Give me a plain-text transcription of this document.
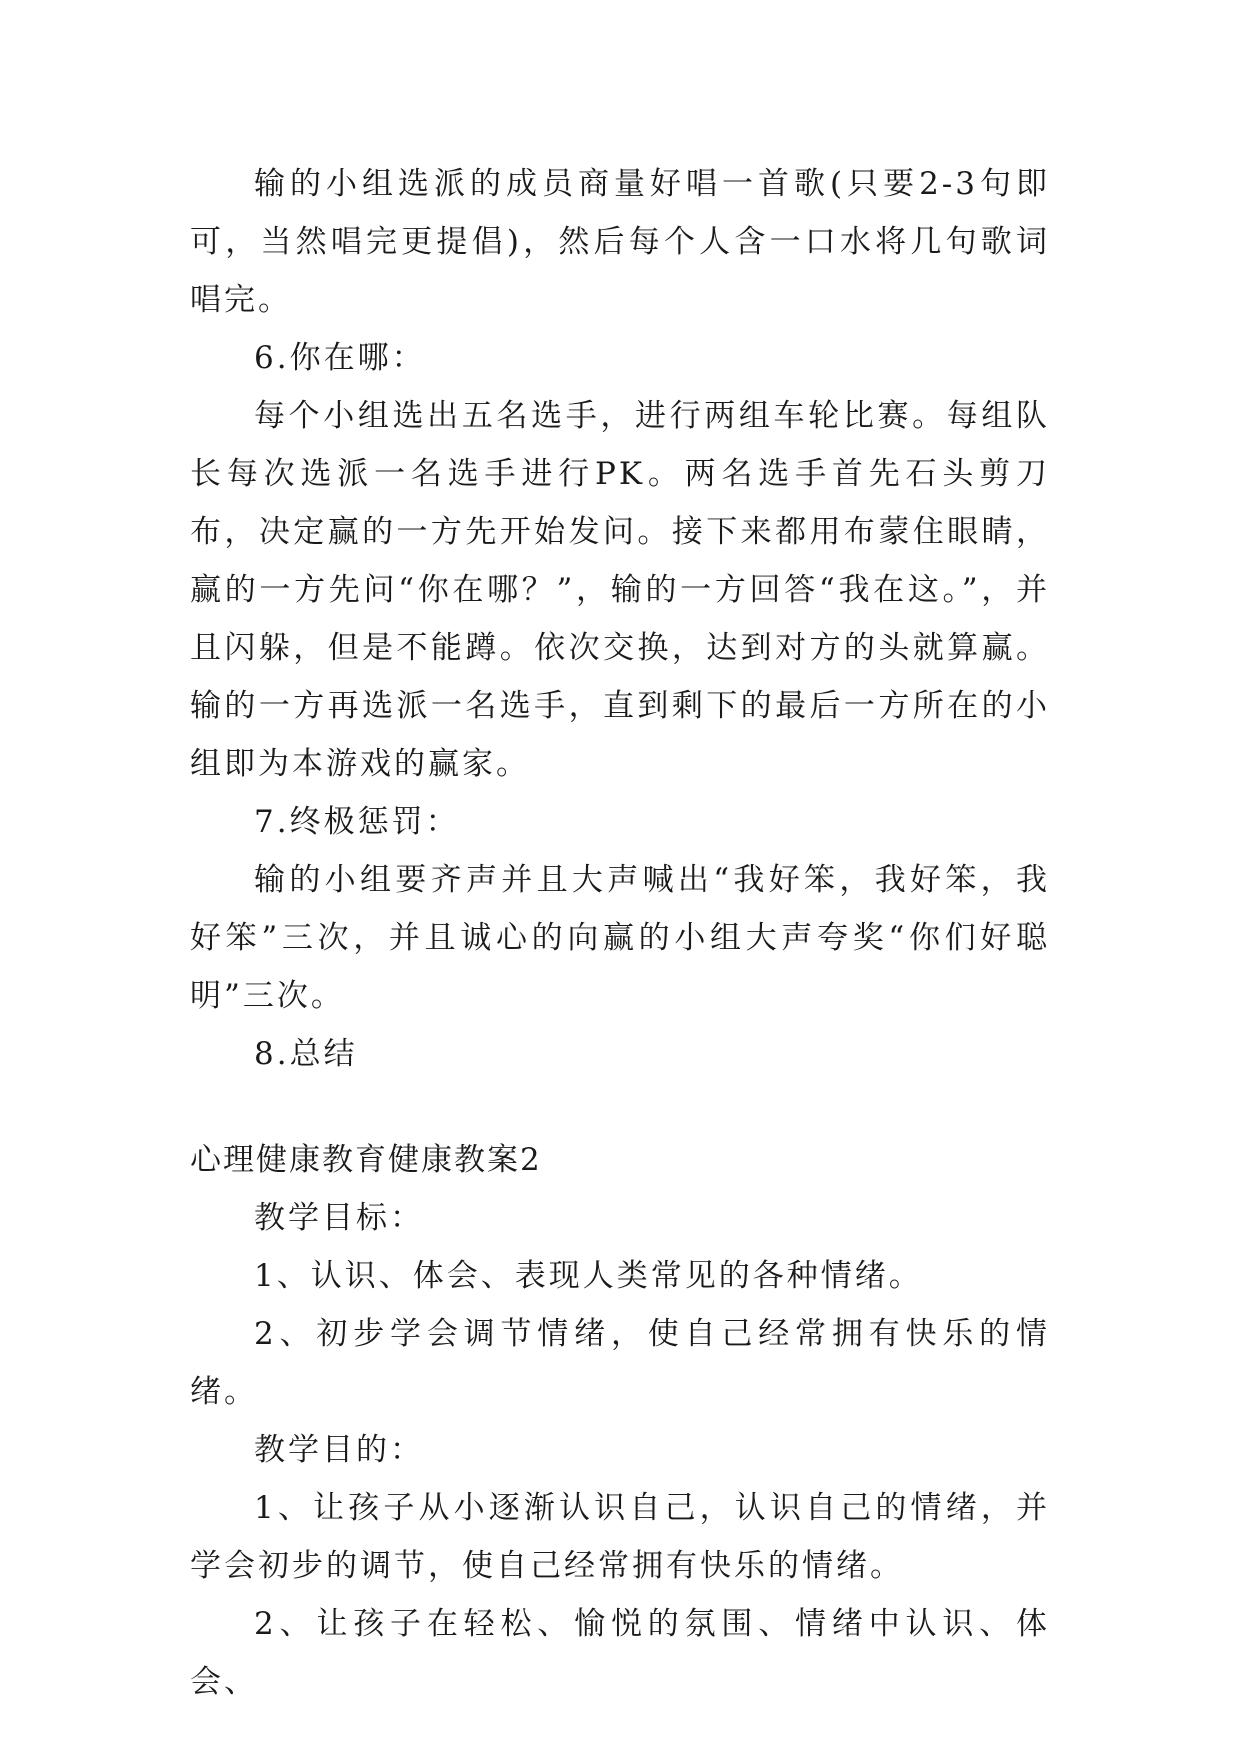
输的小组选派的成员商量好唱一首歌(只要2-3句即可，当然唱完更提倡)，然后每个人含一口水将几句歌词唱完。

6.你在哪：

每个小组选出五名选手，进行两组车轮比赛。每组队长每次选派一名选手进行PK。两名选手首先石头剪刀布，决定赢的一方先开始发问。接下来都用布蒙住眼睛，赢的一方先问“你在哪？”，输的一方回答“我在这。”，并且闪躲，但是不能蹲。依次交换，达到对方的头就算赢。输的一方再选派一名选手，直到剩下的最后一方所在的小组即为本游戏的赢家。

7.终极惩罚：

输的小组要齐声并且大声喊出“我好笨，我好笨，我好笨”三次，并且诚心的向赢的小组大声夸奖“你们好聪明”三次。

8.总结

心理健康教育健康教案2

教学目标：

1、认识、体会、表现人类常见的各种情绪。

2、初步学会调节情绪，使自己经常拥有快乐的情绪。

教学目的：

1、让孩子从小逐渐认识自己，认识自己的情绪，并学会初步的调节，使自己经常拥有快乐的情绪。

2、让孩子在轻松、愉悦的氛围、情绪中认识、体会、
